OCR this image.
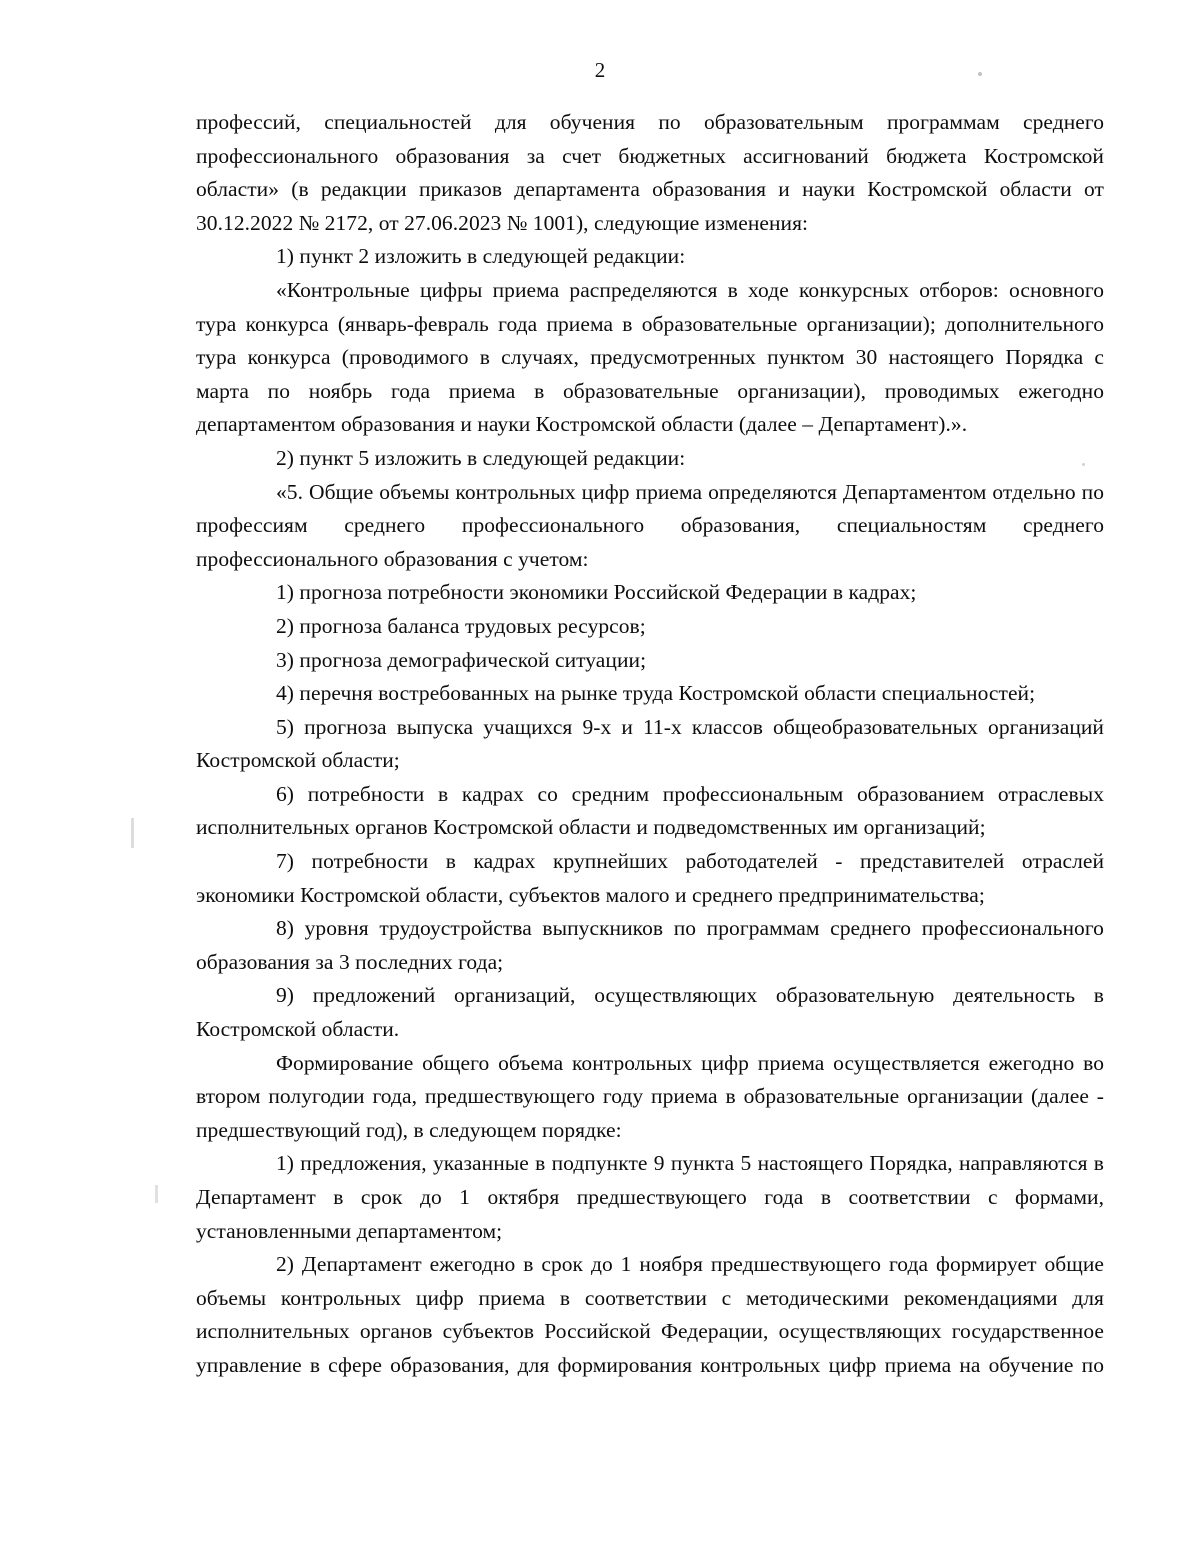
2

профессий, специальностей для обучения по образовательным программам среднего профессионального образования за счет бюджетных ассигнований бюджета Костромской области» (в редакции приказов департамента образования и науки Костромской области от 30.12.2022 № 2172, от 27.06.2023 № 1001), следующие изменения:

1) пункт 2 изложить в следующей редакции:

«Контрольные цифры приема распределяются в ходе конкурсных отборов: основного тура конкурса (январь-февраль года приема в образовательные организации); дополнительного тура конкурса (проводимого в случаях, предусмотренных пунктом 30 настоящего Порядка с марта по ноябрь года приема в образовательные организации), проводимых ежегодно департаментом образования и науки Костромской области (далее – Департамент).».

2) пункт 5 изложить в следующей редакции:

«5. Общие объемы контрольных цифр приема определяются Департаментом отдельно по профессиям среднего профессионального образования, специальностям среднего профессионального образования с учетом:

1) прогноза потребности экономики Российской Федерации в кадрах;

2) прогноза баланса трудовых ресурсов;

3) прогноза демографической ситуации;

4) перечня востребованных на рынке труда Костромской области специальностей;

5) прогноза выпуска учащихся 9-х и 11-х классов общеобразовательных организаций Костромской области;

6) потребности в кадрах со средним профессиональным образованием отраслевых исполнительных органов Костромской области и подведомственных им организаций;

7) потребности в кадрах крупнейших работодателей - представителей отраслей экономики Костромской области, субъектов малого и среднего предпринимательства;

8) уровня трудоустройства выпускников по программам среднего профессионального образования за 3 последних года;

9) предложений организаций, осуществляющих образовательную деятельность в Костромской области.

Формирование общего объема контрольных цифр приема осуществляется ежегодно во втором полугодии года, предшествующего году приема в образовательные организации (далее - предшествующий год), в следующем порядке:

1) предложения, указанные в подпункте 9 пункта 5 настоящего Порядка, направляются в Департамент в срок до 1 октября предшествующего года в соответствии с формами, установленными департаментом;

2) Департамент ежегодно в срок до 1 ноября предшествующего года формирует общие объемы контрольных цифр приема в соответствии с методическими рекомендациями для исполнительных органов субъектов Российской Федерации, осуществляющих государственное управление в сфере образования, для формирования контрольных цифр приема на обучение по
